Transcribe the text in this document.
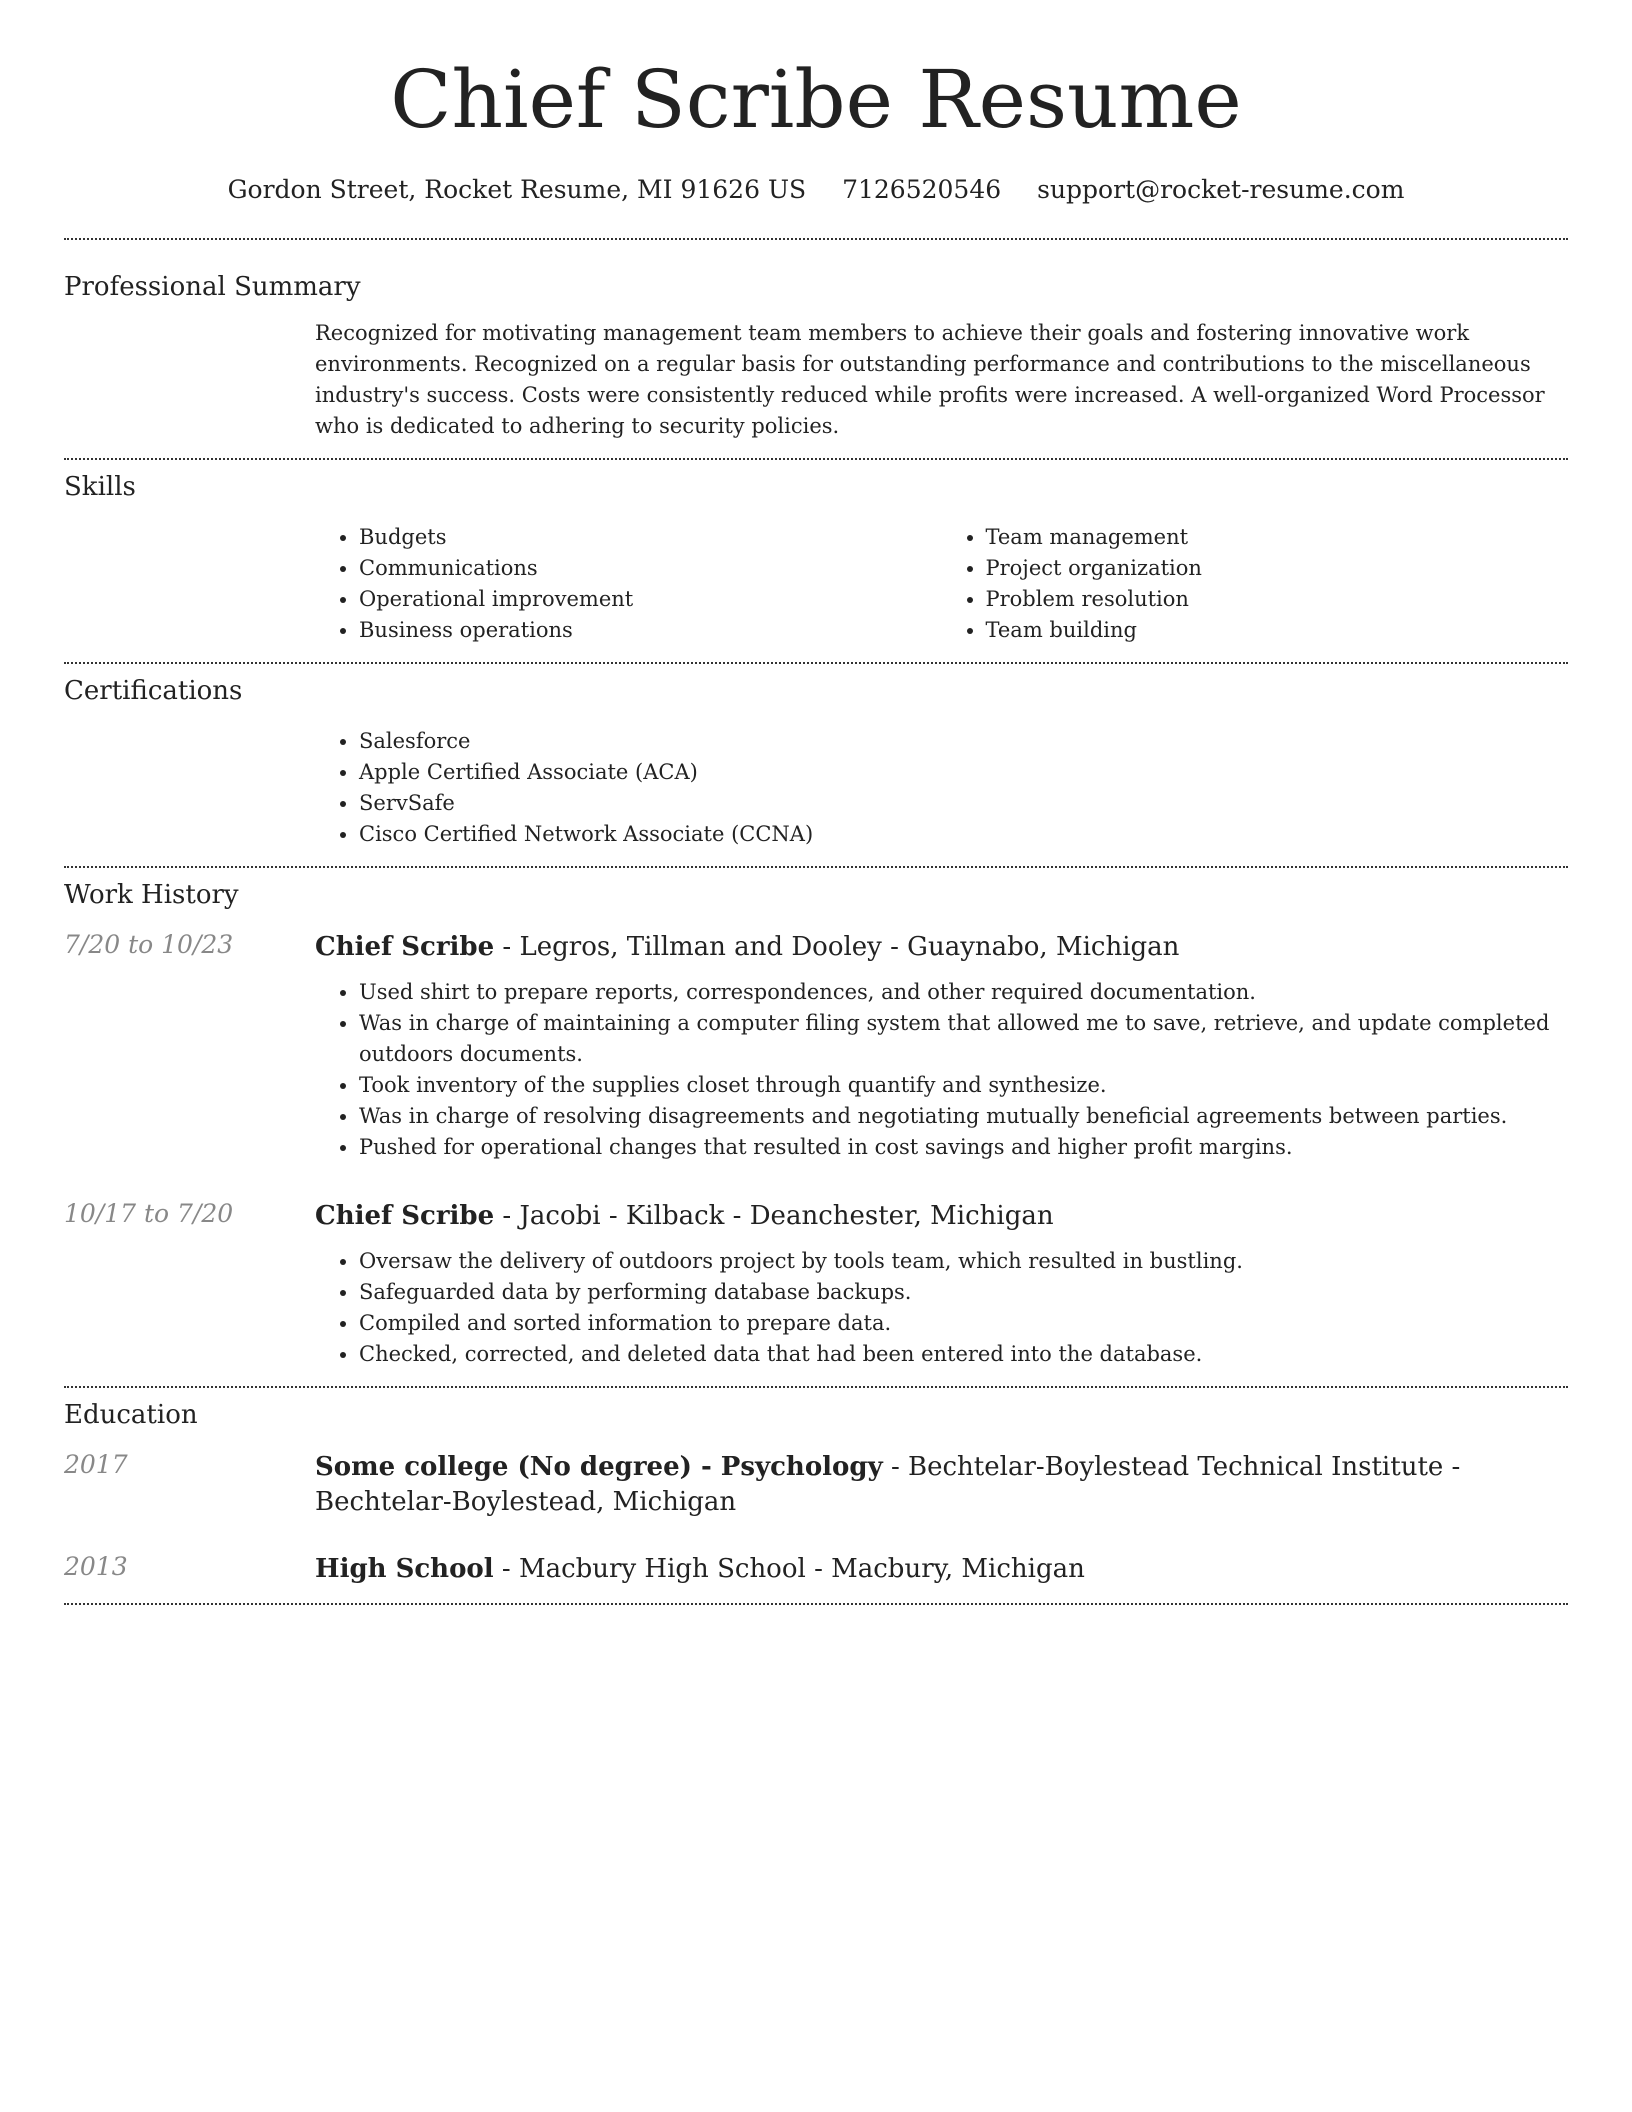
Chief Scribe Resume
Gordon Street, Rocket Resume, MI 91626 US 7126520546 support@rocket-resume.com
Professional Summary

Recognized for motivating management team members to achieve their goals and fostering innovative work environments. Recognized on a regular basis for outstanding performance and contributions to the miscellaneous industry's success. Costs were consistently reduced while profits were increased. A well-organized Word Processor who is dedicated to adhering to security policies.

Skills
• Budgets
• Communications
• Operational improvement
• Business operations
• Team management
• Project organization
• Problem resolution
• Team building
Certifications
• Salesforce
• Apple Certified Associate (ACA)
• ServSafe
• Cisco Certified Network Associate (CCNA)
Work History
7/20 to 10/23	Chief Scribe - Legros, Tillman and Dooley - Guaynabo, Michigan

• Used shirt to prepare reports, correspondences, and other required documentation.
• Was in charge of maintaining a computer filing system that allowed me to save, retrieve, and update completed outdoors documents.
• Took inventory of the supplies closet through quantify and synthesize.
• Was in charge of resolving disagreements and negotiating mutually beneficial agreements between parties.
• Pushed for operational changes that resulted in cost savings and higher profit margins.
10/17 to 7/20	Chief Scribe - Jacobi - Kilback - Deanchester, Michigan

• Oversaw the delivery of outdoors project by tools team, which resulted in bustling.
• Safeguarded data by performing database backups.
• Compiled and sorted information to prepare data.
• Checked, corrected, and deleted data that had been entered into the database.
Education
2017	Some college (No degree) - Psychology - Bechtelar-Boylestead Technical Institute - Bechtelar-Boylestead, Michigan

2013	High School - Macbury High School - Macbury, Michigan
